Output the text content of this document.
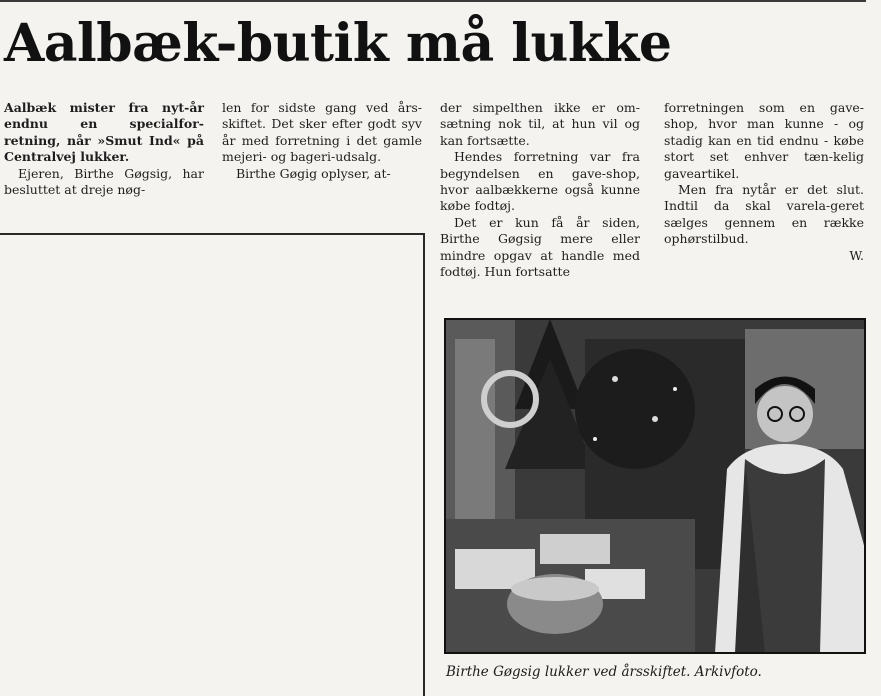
Aalbæk-butik må lukke

Aalbæk mister fra nyt-år endnu en specialfor-retning, når »Smut Ind« på Centralvej lukker.

Ejeren, Birthe Gøgsig, har besluttet at dreje nøg-

len for sidste gang ved års-skiftet. Det sker efter godt syv år med forretning i det gamle mejeri- og bageri-udsalg.

Birthe Gøgig oplyser, at-

der simpelthen ikke er om-sætning nok til, at hun vil og kan fortsætte.

Hendes forretning var fra begyndelsen en gave-shop, hvor aalbækkerne også kunne købe fodtøj.

Det er kun få år siden, Birthe Gøgsig mere eller mindre opgav at handle med fodtøj. Hun fortsatte

forretningen som en gave-shop, hvor man kunne - og stadig kan en tid endnu - købe stort set enhver tæn-kelig gaveartikel.

Men fra nytår er det slut. Indtil da skal varela-geret sælges gennem en række ophørstilbud.

W.

Birthe Gøgsig lukker ved årsskiftet. Arkivfoto.
